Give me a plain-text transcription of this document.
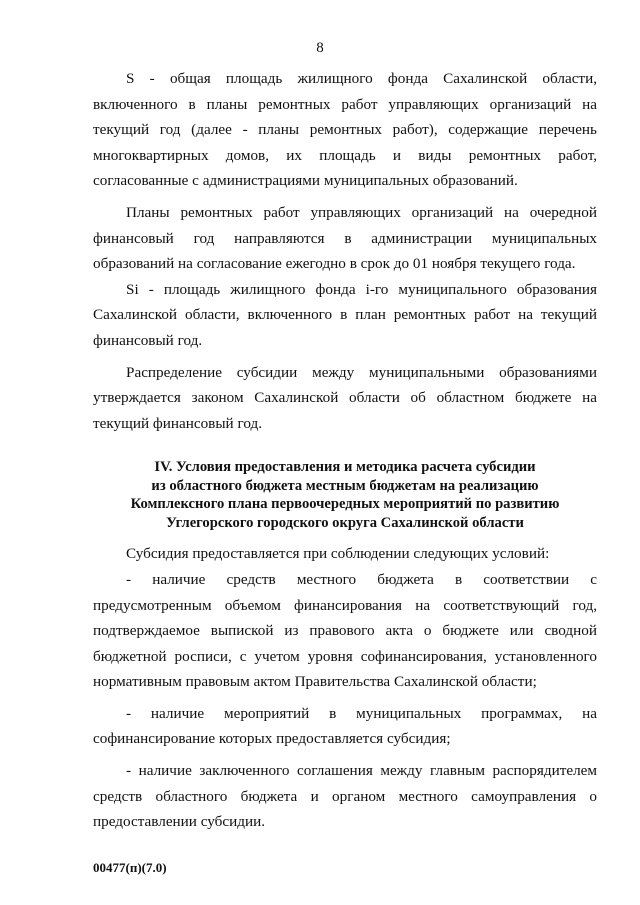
8

S - общая площадь жилищного фонда Сахалинской области, включенного в планы ремонтных работ управляющих организаций на текущий год (далее - планы ремонтных работ), содержащие перечень многоквартирных домов, их площадь и виды ремонтных работ, согласованные с администрациями муниципальных образований.

Планы ремонтных работ управляющих организаций на очередной финансовый год направляются в администрации муниципальных образований на согласование ежегодно в срок до 01 ноября текущего года.

Si - площадь жилищного фонда i-го муниципального образования Сахалинской области, включенного в план ремонтных работ на текущий финансовый год.

Распределение субсидии между муниципальными образованиями утверждается законом Сахалинской области об областном бюджете на текущий финансовый год.

IV. Условия предоставления и методика расчета субсидии
из областного бюджета местным бюджетам на реализацию
Комплексного плана первоочередных мероприятий по развитию
Углегорского городского округа Сахалинской области

Субсидия предоставляется при соблюдении следующих условий:

- наличие средств местного бюджета в соответствии с предусмотренным объемом финансирования на соответствующий год, подтверждаемое выпиской из правового акта о бюджете или сводной бюджетной росписи, с учетом уровня софинансирования, установленного нормативным правовым актом Правительства Сахалинской области;

- наличие мероприятий в муниципальных программах, на софинансирование которых предоставляется субсидия;

- наличие заключенного соглашения между главным распорядителем средств областного бюджета и органом местного самоуправления о предоставлении субсидии.

00477(п)(7.0)
